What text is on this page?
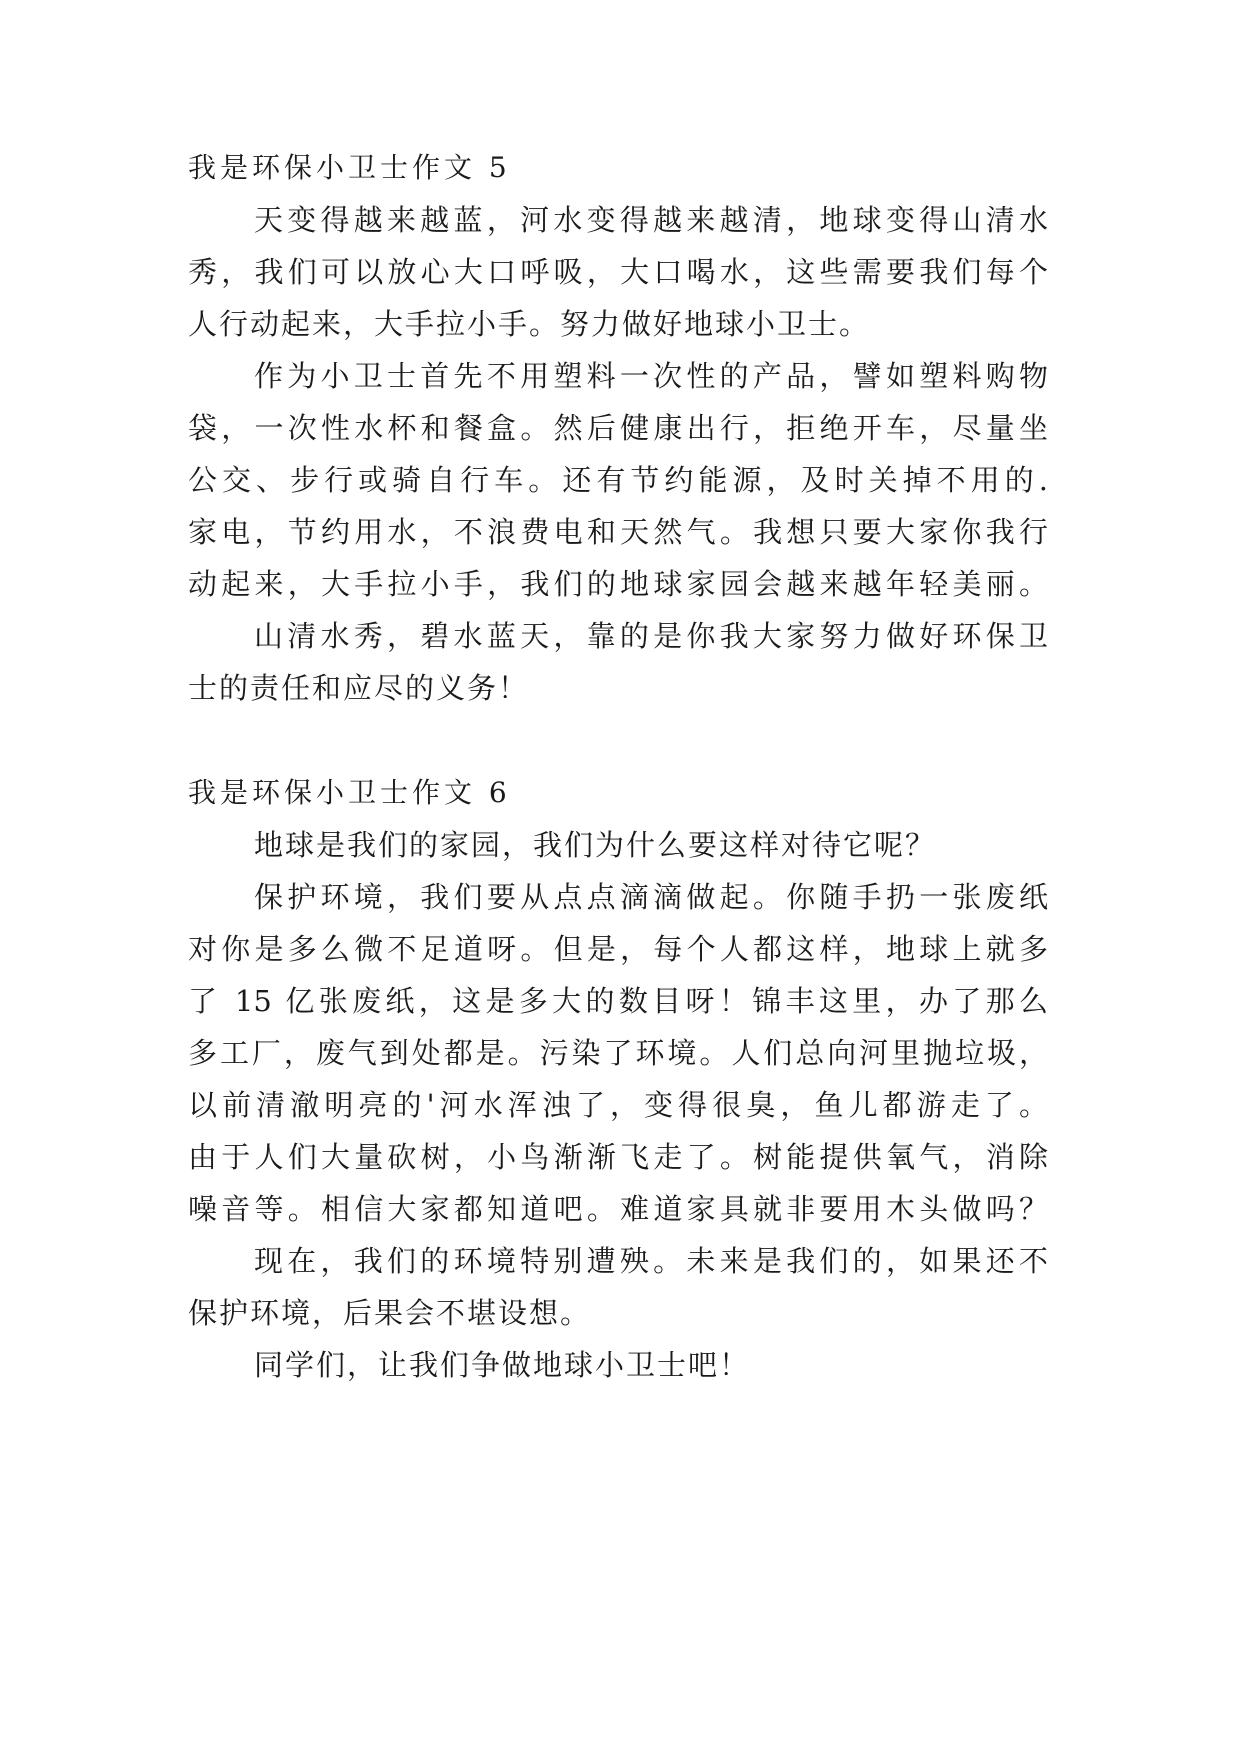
我是环保小卫士作文 5
天变得越来越蓝，河水变得越来越清，地球变得山清水
秀，我们可以放心大口呼吸，大口喝水，这些需要我们每个
人行动起来，大手拉小手。努力做好地球小卫士。
作为小卫士首先不用塑料一次性的产品，譬如塑料购物
袋，一次性水杯和餐盒。然后健康出行，拒绝开车，尽量坐
公交、步行或骑自行车。还有节约能源，及时关掉不用的.
家电，节约用水，不浪费电和天然气。我想只要大家你我行
动起来，大手拉小手，我们的地球家园会越来越年轻美丽。
山清水秀，碧水蓝天，靠的是你我大家努力做好环保卫
士的责任和应尽的义务！
我是环保小卫士作文 6
地球是我们的家园，我们为什么要这样对待它呢？
保护环境，我们要从点点滴滴做起。你随手扔一张废纸
对你是多么微不足道呀。但是，每个人都这样，地球上就多
了 15 亿张废纸，这是多大的数目呀！锦丰这里，办了那么
多工厂，废气到处都是。污染了环境。人们总向河里抛垃圾，
以前清澈明亮的'河水浑浊了，变得很臭，鱼儿都游走了。
由于人们大量砍树，小鸟渐渐飞走了。树能提供氧气，消除
噪音等。相信大家都知道吧。难道家具就非要用木头做吗？
现在，我们的环境特别遭殃。未来是我们的，如果还不
保护环境，后果会不堪设想。
同学们，让我们争做地球小卫士吧！
